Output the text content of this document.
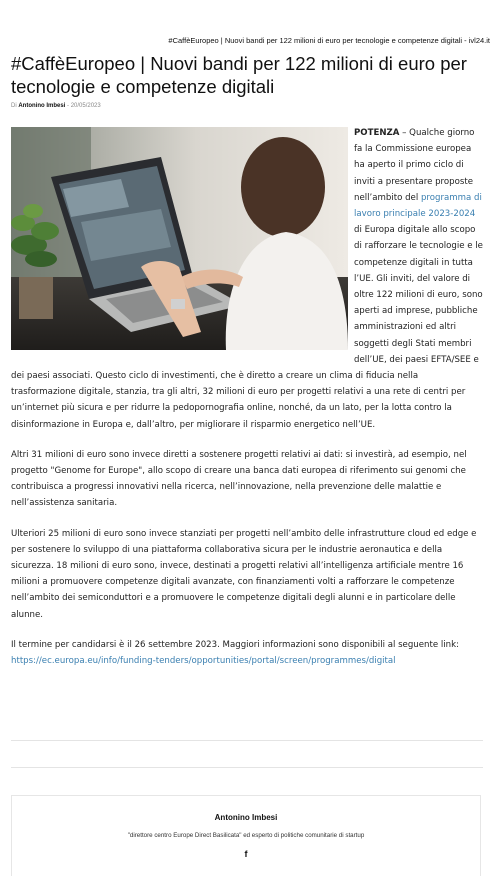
#CaffèEuropeo | Nuovi bandi per 122 milioni di euro per tecnologie e competenze digitali - ivl24.it
#CaffèEuropeo | Nuovi bandi per 122 milioni di euro per tecnologie e competenze digitali
Di Antonino Imbesi - 20/05/2023

POTENZA – Qualche giorno fa la Commissione europea ha aperto il primo ciclo di inviti a presentare proposte nell’ambito del programma di lavoro principale 2023-2024 di Europa digitale allo scopo di rafforzare le tecnologie e le competenze digitali in tutta l’UE. Gli inviti, del valore di oltre 122 milioni di euro, sono aperti ad imprese, pubbliche amministrazioni ed altri soggetti degli Stati membri dell’UE, dei paesi EFTA/SEE e dei paesi associati. Questo ciclo di investimenti, che è diretto a creare un clima di fiducia nella trasformazione digitale, stanzia, tra gli altri, 32 milioni di euro per progetti relativi a una rete di centri per un’internet più sicura e per ridurre la pedopornografia online, nonché, da un lato, per la lotta contro la disinformazione in Europa e, dall’altro, per migliorare il risparmio energetico nell’UE.

Altri 31 milioni di euro sono invece diretti a sostenere progetti relativi ai dati: si investirà, ad esempio, nel progetto "Genome for Europe", allo scopo di creare una banca dati europea di riferimento sui genomi che contribuisca a progressi innovativi nella ricerca, nell’innovazione, nella prevenzione delle malattie e nell’assistenza sanitaria.

Ulteriori 25 milioni di euro sono invece stanziati per progetti nell’ambito delle infrastrutture cloud ed edge e per sostenere lo sviluppo di una piattaforma collaborativa sicura per le industrie aeronautica e della sicurezza. 18 milioni di euro sono, invece, destinati a progetti relativi all’intelligenza artificiale mentre 16 milioni a promuovere competenze digitali avanzate, con finanziamenti volti a rafforzare le competenze nell’ambito dei semiconduttori e a promuovere le competenze digitali degli alunni e in particolare delle alunne.

Il termine per candidarsi è il 26 settembre 2023. Maggiori informazioni sono disponibili al seguente link: https://ec.europa.eu/info/funding-tenders/opportunities/portal/screen/programmes/digital

Antonino Imbesi
"direttore centro Europe Direct Basilicata" ed esperto di politiche comunitarie di startup
f
